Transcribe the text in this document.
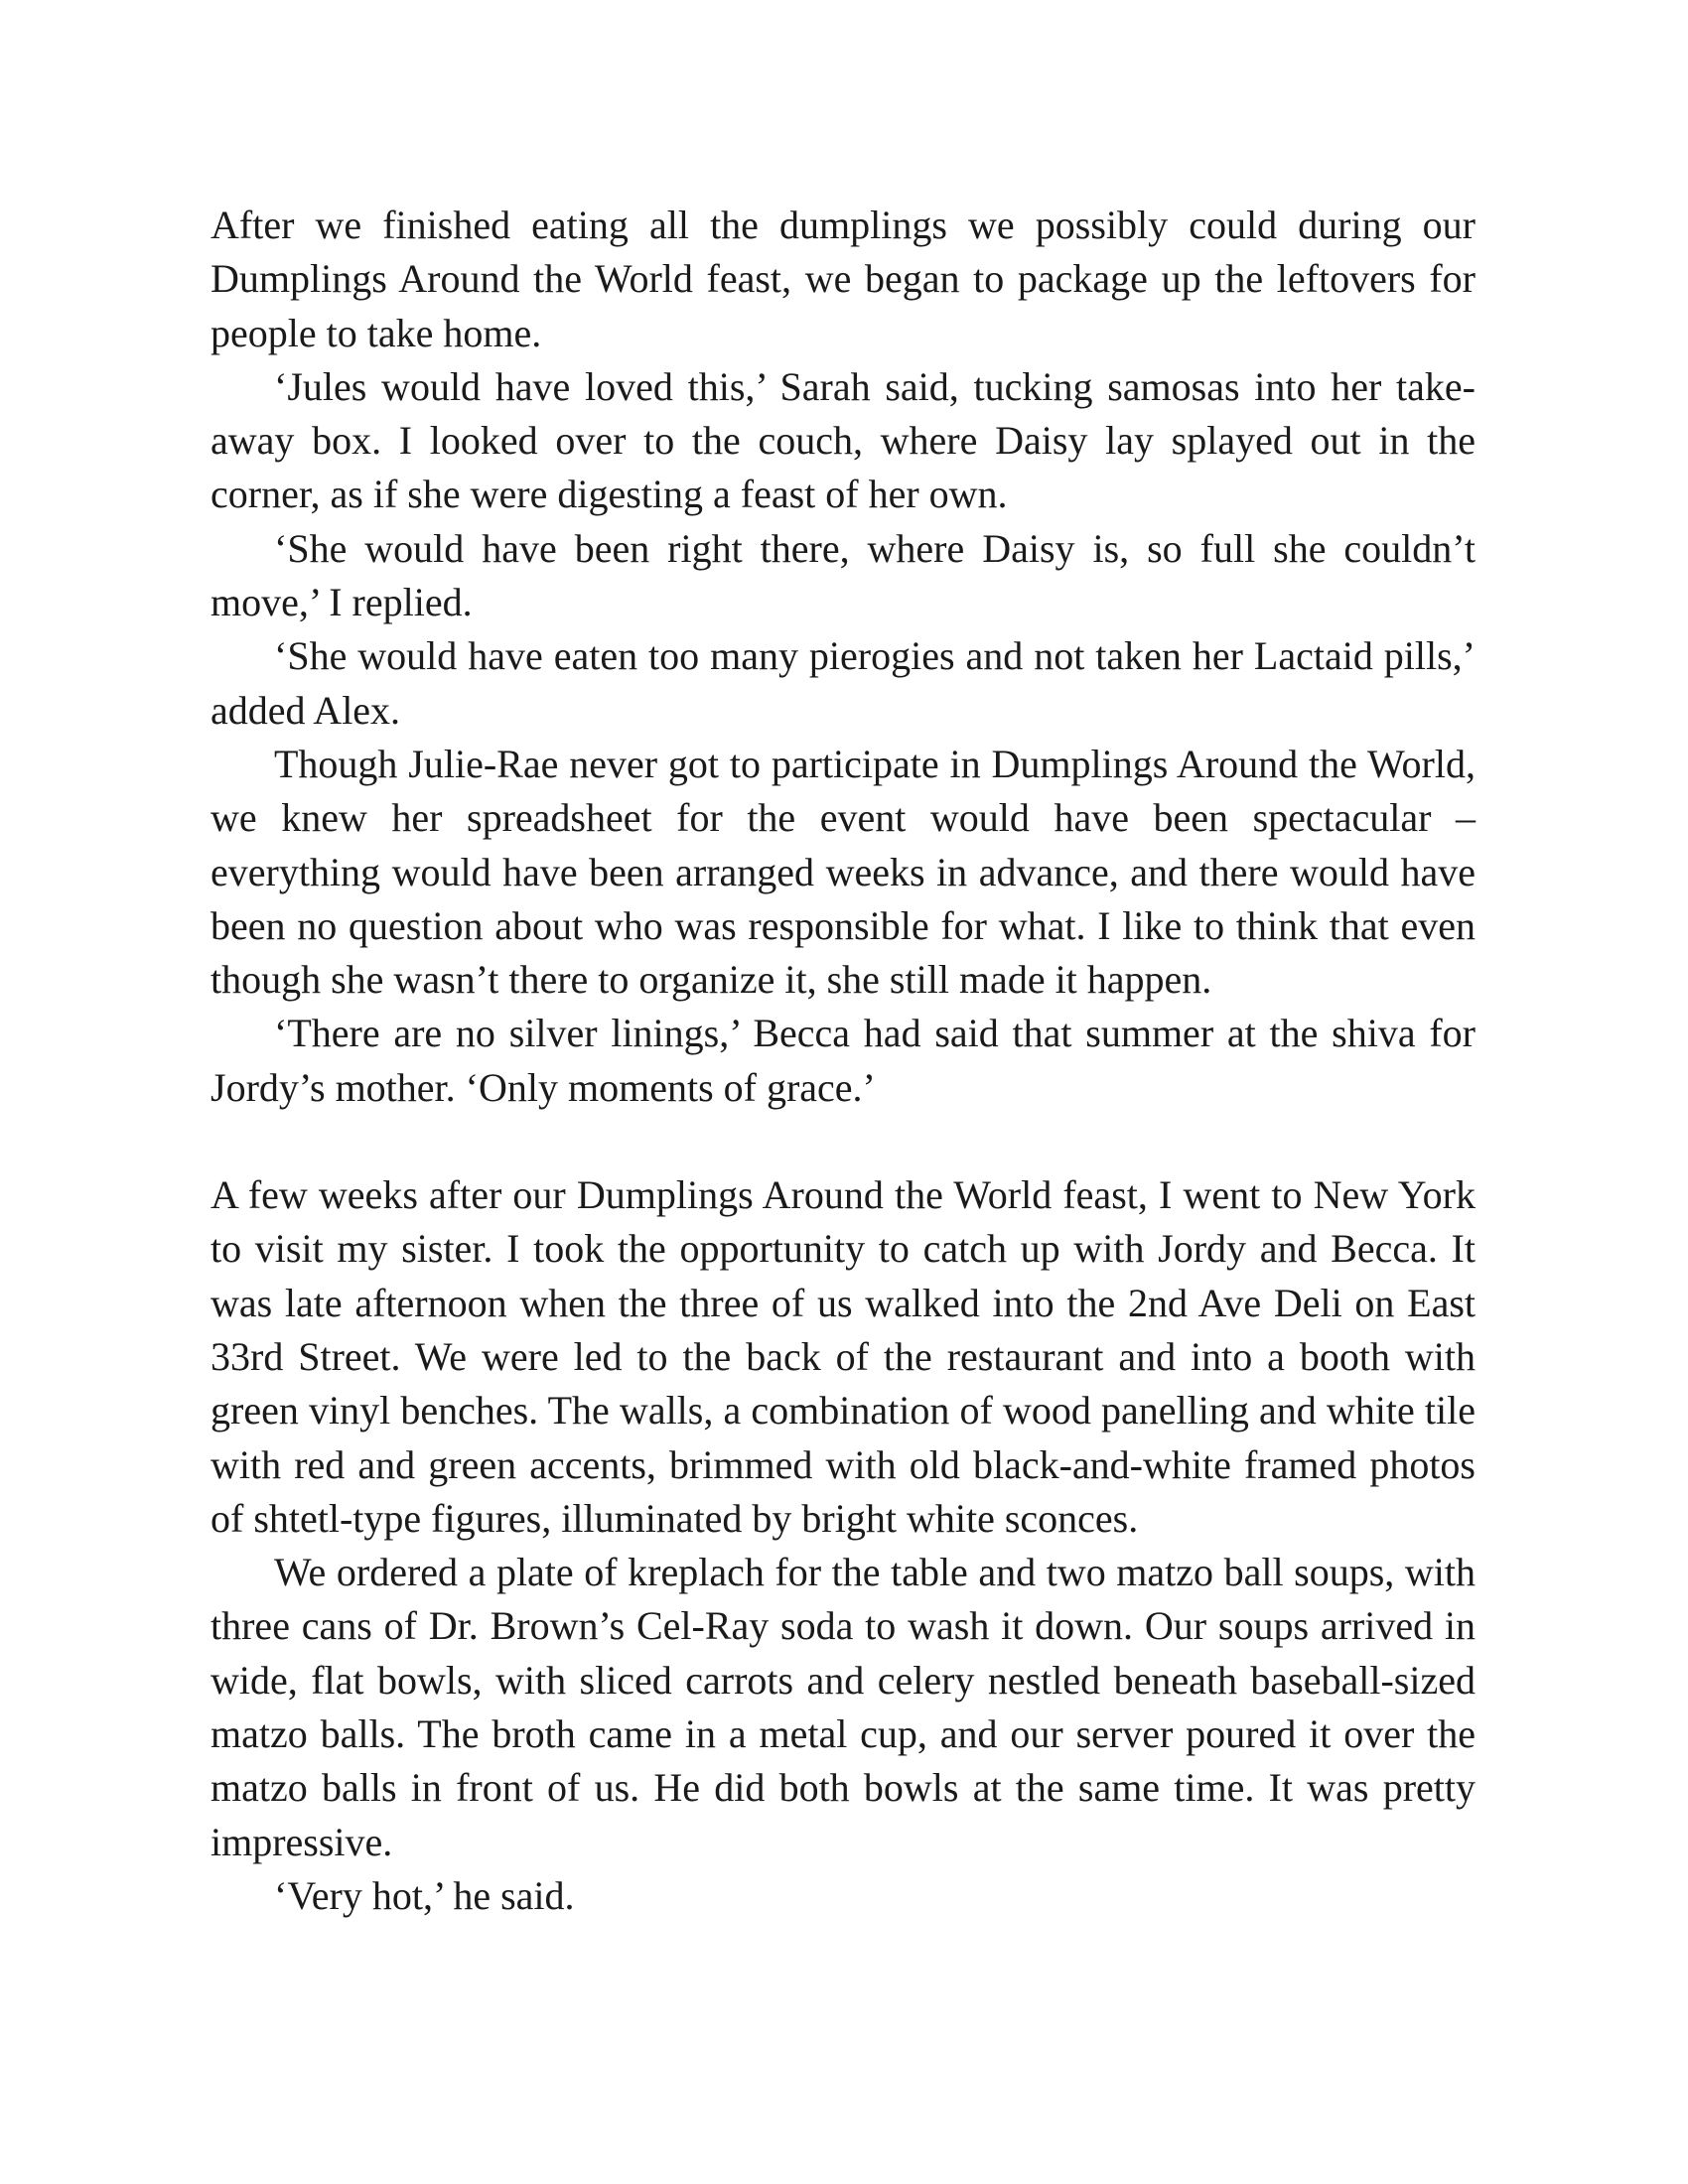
After we finished eating all the dumplings we possibly could during our Dumplings Around the World feast, we began to package up the leftovers for people to take home.

‘Jules would have loved this,’ Sarah said, tucking samosas into her take-away box. I looked over to the couch, where Daisy lay splayed out in the corner, as if she were digesting a feast of her own.

‘She would have been right there, where Daisy is, so full she couldn’t move,’ I replied.

‘She would have eaten too many pierogies and not taken her Lactaid pills,’ added Alex.

Though Julie-Rae never got to participate in Dumplings Around the World, we knew her spreadsheet for the event would have been spectacular – everything would have been arranged weeks in advance, and there would have been no question about who was responsible for what. I like to think that even though she wasn’t there to organize it, she still made it happen.

‘There are no silver linings,’ Becca had said that summer at the shiva for Jordy’s mother. ‘Only moments of grace.’

A few weeks after our Dumplings Around the World feast, I went to New York to visit my sister. I took the opportunity to catch up with Jordy and Becca. It was late afternoon when the three of us walked into the 2nd Ave Deli on East 33rd Street. We were led to the back of the restaurant and into a booth with green vinyl benches. The walls, a combination of wood panelling and white tile with red and green accents, brimmed with old black-and-white framed photos of shtetl-type figures, illuminated by bright white sconces.

We ordered a plate of kreplach for the table and two matzo ball soups, with three cans of Dr. Brown’s Cel-Ray soda to wash it down. Our soups arrived in wide, flat bowls, with sliced carrots and celery nestled beneath baseball-sized matzo balls. The broth came in a metal cup, and our server poured it over the matzo balls in front of us. He did both bowls at the same time. It was pretty impressive.

‘Very hot,’ he said.
